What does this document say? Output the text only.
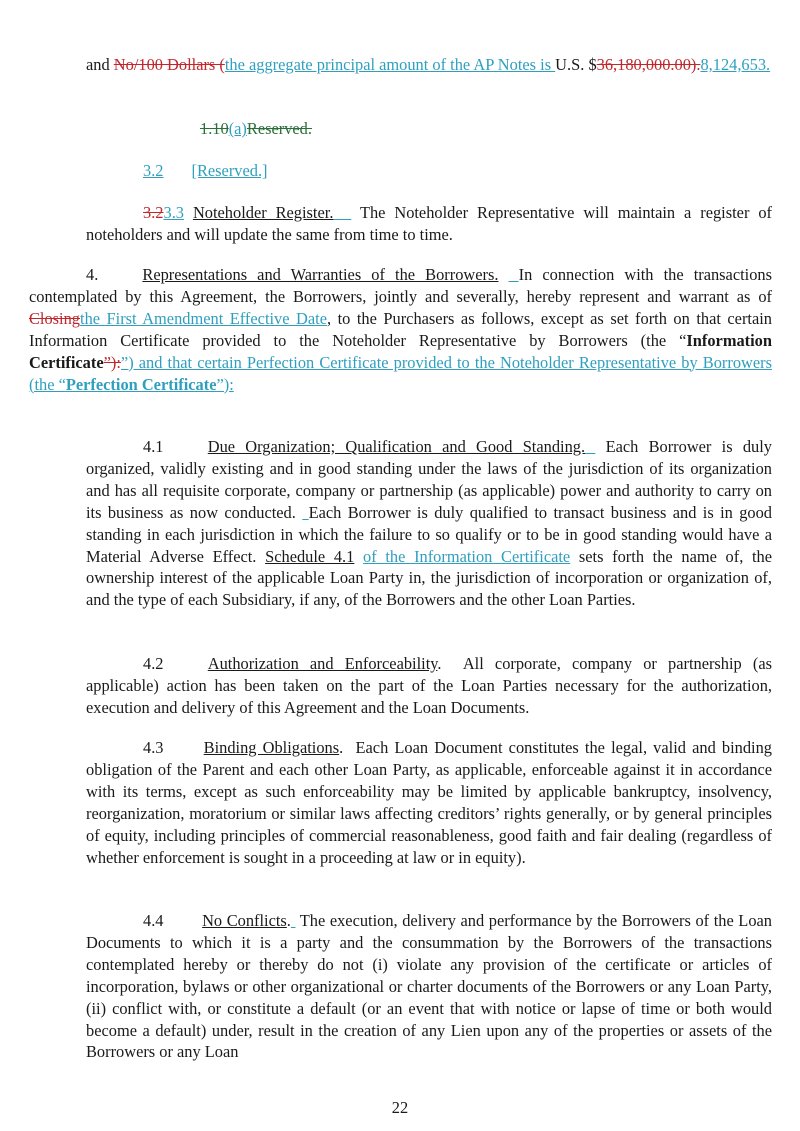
and No/100 Dollars (the aggregate principal amount of the AP Notes is U.S. $36,180,000.00).8,124,653.

1.10(a)Reserved.

3.2 [Reserved.]

3.23.3 Noteholder Register. The Noteholder Representative will maintain a register of noteholders and will update the same from time to time.

4.	Representations and Warranties of the Borrowers. In connection with the transactions contemplated by this Agreement, the Borrowers, jointly and severally, hereby represent and warrant as of Closingthe First Amendment Effective Date, to the Purchasers as follows, except as set forth on that certain Information Certificate provided to the Noteholder Representative by Borrowers (the “Information Certificate”):”) and that certain Perfection Certificate provided to the Noteholder Representative by Borrowers (the “Perfection Certificate”):

4.1	Due Organization; Qualification and Good Standing. Each Borrower is duly organized, validly existing and in good standing under the laws of the jurisdiction of its organization and has all requisite corporate, company or partnership (as applicable) power and authority to carry on its business as now conducted. Each Borrower is duly qualified to transact business and is in good standing in each jurisdiction in which the failure to so qualify or to be in good standing would have a Material Adverse Effect. Schedule 4.1 of the Information Certificate sets forth the name of, the ownership interest of the applicable Loan Party in, the jurisdiction of incorporation or organization of, and the type of each Subsidiary, if any, of the Borrowers and the other Loan Parties.

4.2	Authorization and Enforceability.  All corporate, company or partnership (as applicable) action has been taken on the part of the Loan Parties necessary for the authorization, execution and delivery of this Agreement and the Loan Documents.

4.3 Binding Obligations.  Each Loan Document constitutes the legal, valid and binding obligation of the Parent and each other Loan Party, as applicable, enforceable against it in accordance with its terms, except as such enforceability may be limited by applicable bankruptcy, insolvency, reorganization, moratorium or similar laws affecting creditors’ rights generally, or by general principles of equity, including principles of commercial reasonableness, good faith and fair dealing (regardless of whether enforcement is sought in a proceeding at law or in equity).

4.4 No Conflicts. The execution, delivery and performance by the Borrowers of the Loan Documents to which it is a party and the consummation by the Borrowers of the transactions contemplated hereby or thereby do not (i) violate any provision of the certificate or articles of incorporation, bylaws or other organizational or charter documents of the Borrowers or any Loan Party, (ii) conflict with, or constitute a default (or an event that with notice or lapse of time or both would become a default) under, result in the creation of any Lien upon any of the properties or assets of the Borrowers or any Loan

22
